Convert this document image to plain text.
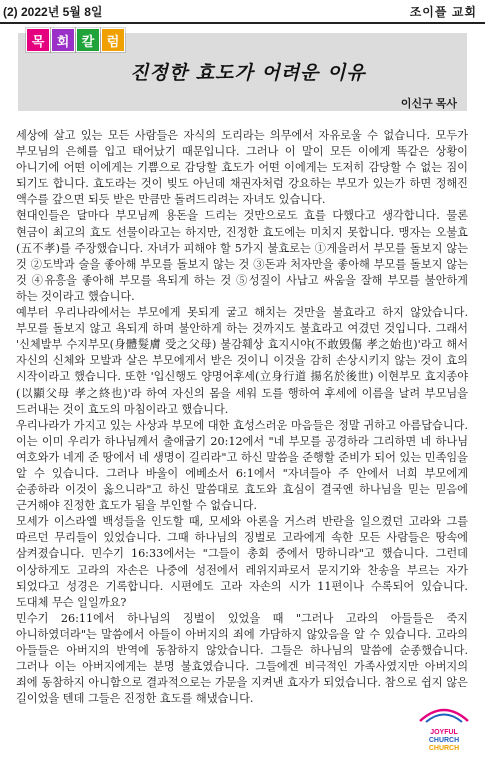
(2) 2022년 5월 8일	조이플 교회
목 회 칼 럼
진정한 효도가 어려운 이유
이신구 목사

세상에 살고 있는 모든 사람들은 자식의 도리라는 의무에서 자유로울 수 없습니다. 모두가 부모님의 은혜를 입고 태어났기 때문입니다. 그러나 이 말이 모든 이에게 똑같은 상황이 아니기에 어떤 이에게는 기쁨으로 감당할 효도가 어떤 이에게는 도저히 감당할 수 없는 짐이 되기도 합니다. 효도라는 것이 빚도 아닌데 채권자처럼 강요하는 부모가 있는가 하면 정해진 액수를 갚으면 되듯 받은 만큼만 돌려드리려는 자녀도 있습니다.

현대인들은 달마다 부모님께 용돈을 드리는 것만으로도 효를 다했다고 생각합니다. 물론 현금이 최고의 효도 선물이라고는 하지만, 진정한 효도에는 미치지 못합니다. 맹자는 오불효(五不孝)를 주장했습니다. 자녀가 피해야 할 5가지 불효로는 ①게을러서 부모를 돌보지 않는 것 ②도박과 술을 좋아해 부모를 돌보지 않는 것 ③돈과 처자만을 좋아해 부모를 돌보지 않는 것 ④유흥을 좋아해 부모를 욕되게 하는 것 ⑤성질이 사납고 싸움을 잘해 부모를 불안하게 하는 것이라고 했습니다.

예부터 우리나라에서는 부모에게 못되게 굴고 해치는 것만을 불효라고 하지 않았습니다. 부모를 돌보지 않고 욕되게 하며 불안하게 하는 것까지도 불효라고 여겼던 것입니다. 그래서 '신체발부 수지부모(身體髮膚 受之父母) 불감훼상 효지시야(不敢毁傷 孝之始也)'라고 해서 자신의 신체와 모발과 살은 부모에게서 받은 것이니 이것을 감히 손상시키지 않는 것이 효의 시작이라고 했습니다. 또한 '입신행도 양명어후세(立身行道 揚名於後世) 이현부모 효지종야(以顯父母 孝之終也)'라 하여 자신의 몸을 세워 도를 행하여 후세에 이름을 날려 부모님을 드러내는 것이 효도의 마침이라고 했습니다.

우리나라가 가지고 있는 사상과 부모에 대한 효성스러운 마음들은 정말 귀하고 아름답습니다. 이는 이미 우리가 하나님께서 출애굽기 20:12에서 "네 부모를 공경하라 그리하면 네 하나님 여호와가 네게 준 땅에서 네 생명이 길리라"고 하신 말씀을 준행할 준비가 되어 있는 민족임을 알 수 있습니다. 그러나 바울이 에베소서 6:1에서 "자녀들아 주 안에서 너희 부모에게 순종하라 이것이 옳으니라"고 하신 말씀대로 효도와 효심이 결국엔 하나님을 믿는 믿음에 근거해야 진정한 효도가 됨을 부인할 수 없습니다.

모세가 이스라엘 백성들을 인도할 때, 모세와 아론을 거스려 반란을 일으켰던 고라와 그를 따르던 무리들이 있었습니다. 그때 하나님의 징벌로 고라에게 속한 모든 사람들은 땅속에 삼켜졌습니다. 민수기 16:33에서는 "그들이 총회 중에서 망하니라"고 했습니다. 그런데 이상하게도 고라의 자손은 나중에 성전에서 레위지파로서 문지기와 찬송을 부르는 자가 되었다고 성경은 기록합니다. 시편에도 고라 자손의 시가 11편이나 수록되어 있습니다. 도대체 무슨 일일까요?

민수기 26:11에서 하나님의 징벌이 있었을 때 "그러나 고라의 아들들은 죽지 아니하였더라"는 말씀에서 아들이 아버지의 죄에 가담하지 않았음을 알 수 있습니다. 고라의 아들들은 아버지의 반역에 동참하지 않았습니다. 그들은 하나님의 말씀에 순종했습니다. 그러나 이는 아버지에게는 분명 불효였습니다. 그들에겐 비극적인 가족사였지만 아버지의 죄에 동참하지 아니함으로 결과적으로는 가문을 지켜낸 효자가 되었습니다. 참으로 쉽지 않은 길이었을 텐데 그들은 진정한 효도를 해냈습니다.

JOYFUL
CHURCH
CHURCH
